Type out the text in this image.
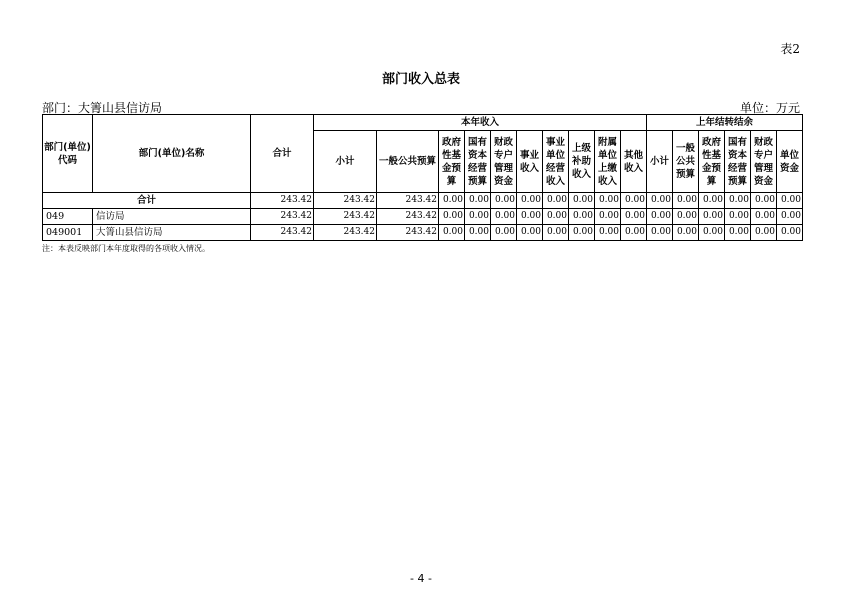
表2
部门收入总表
部门：大箐山县信访局	单位：万元
部门(单位)代码	部门(单位)名称	合计	本年收入										上年结转结余					
			小计	一般公共预算	政府性基金预算	国有资本经营预算	财政专户管理资金	事业收入	事业单位经营收入	上级补助收入	附属单位上缴收入	其他收入	小计	一般公共预算	政府性基金预算	国有资本经营预算	财政专户管理资金	单位资金
合计		243.42	243.42	243.42	0.00	0.00	0.00	0.00	0.00	0.00	0.00	0.00	0.00	0.00	0.00	0.00	0.00	0.00
049	信访局	243.42	243.42	243.42	0.00	0.00	0.00	0.00	0.00	0.00	0.00	0.00	0.00	0.00	0.00	0.00	0.00	0.00
049001	大箐山县信访局	243.42	243.42	243.42	0.00	0.00	0.00	0.00	0.00	0.00	0.00	0.00	0.00	0.00	0.00	0.00	0.00	0.00
注：本表反映部门本年度取得的各项收入情况。
- 4 -
